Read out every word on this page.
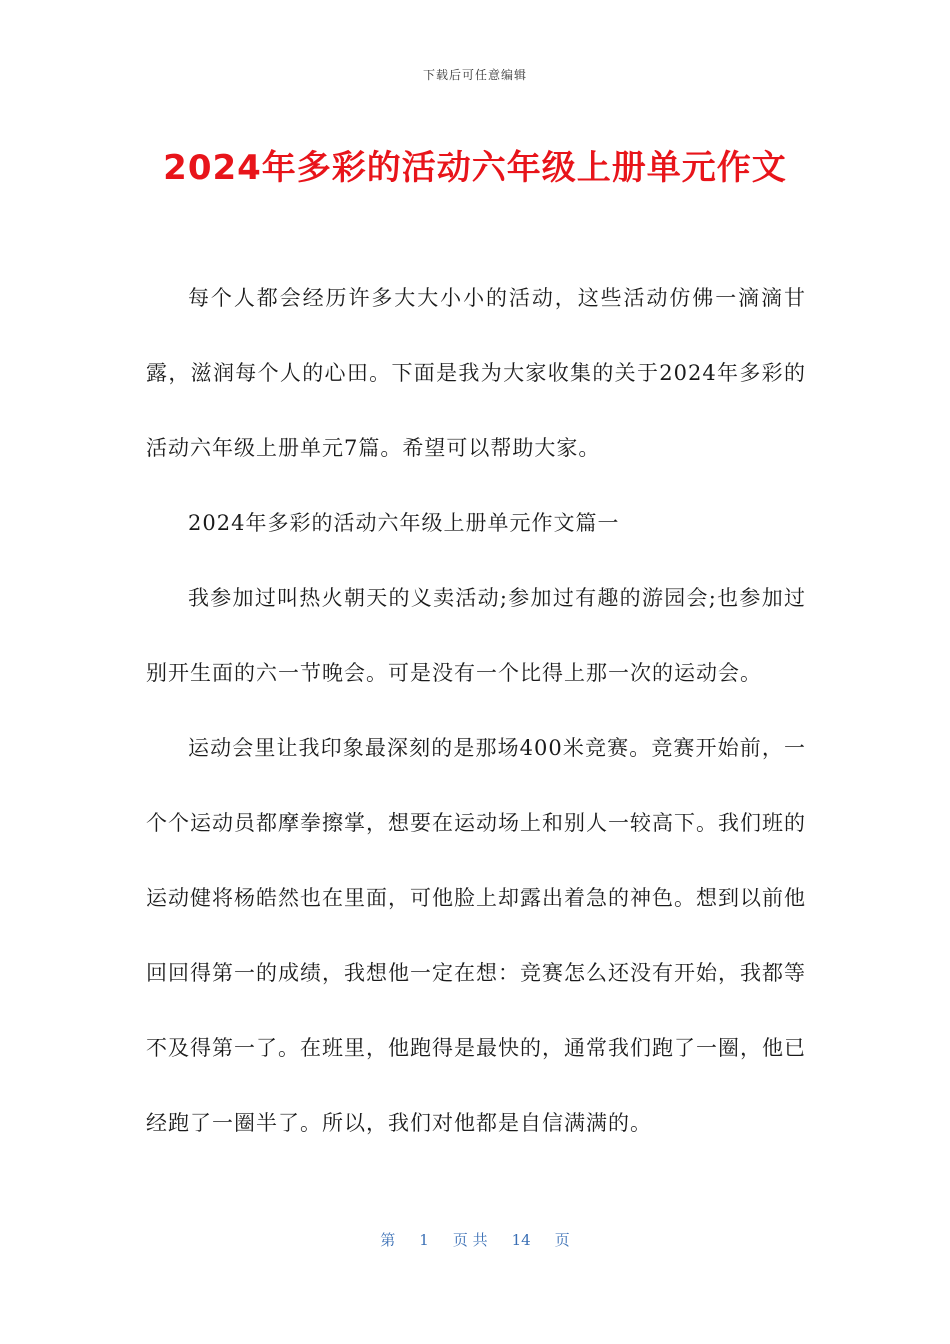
下载后可任意编辑
2024年多彩的活动六年级上册单元作文

每个人都会经历许多大大小小的活动，这些活动仿佛一滴滴甘露，滋润每个人的心田。下面是我为大家收集的关于2024年多彩的活动六年级上册单元7篇。希望可以帮助大家。

2024年多彩的活动六年级上册单元作文篇一

我参加过叫热火朝天的义卖活动;参加过有趣的游园会;也参加过别开生面的六一节晚会。可是没有一个比得上那一次的运动会。

运动会里让我印象最深刻的是那场400米竞赛。竞赛开始前，一个个运动员都摩拳擦掌，想要在运动场上和别人一较高下。我们班的运动健将杨皓然也在里面，可他脸上却露出着急的神色。想到以前他回回得第一的成绩，我想他一定在想：竞赛怎么还没有开始，我都等不及得第一了。在班里，他跑得是最快的，通常我们跑了一圈，他已经跑了一圈半了。所以，我们对他都是自信满满的。

第 1 页 共 14 页
